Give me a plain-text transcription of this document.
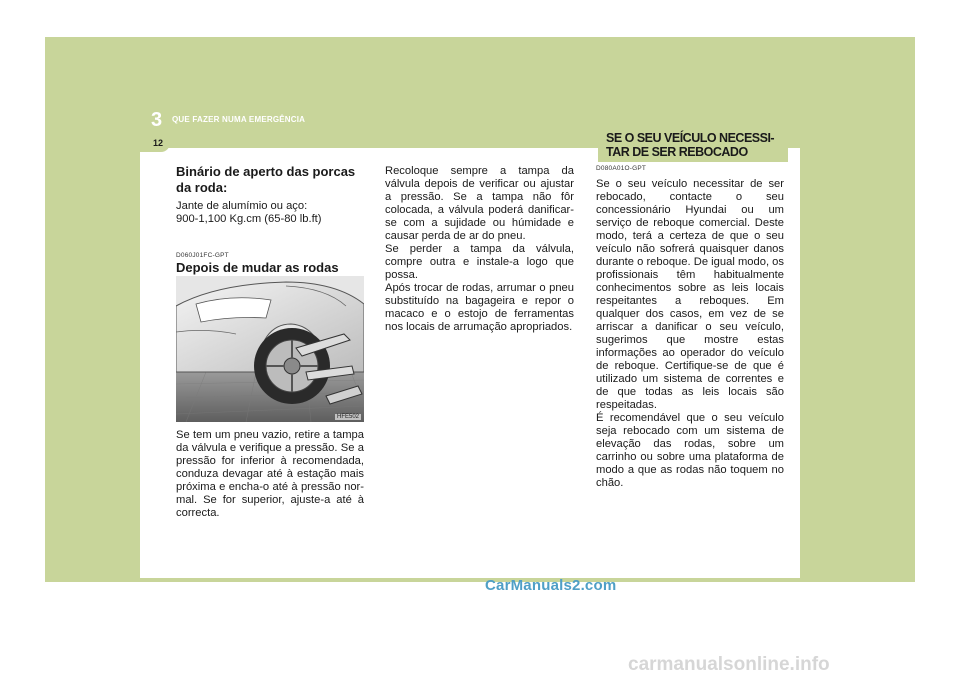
3 QUE FAZER NUMA EMERGÊNCIA
12

Binário de aperto das porcas da roda:

Jante de alumímio ou aço:

900-1,100 Kg.cm (65-80 lb.ft)

D060J01FC-GPT

Depois de mudar as rodas

HFE502

Se tem um pneu vazio, retire a tampa da válvula e verifique a pressão. Se a pressão for inferior à recomendada, conduza devagar até à estação mais próxima e encha-o até à pressão nor- mal. Se for superior, ajuste-a até à correcta.

Recoloque sempre a tampa da válvula depois de verificar ou ajustar a pressão. Se a tampa não fôr colocada, a válvula poderá danificar-se com a sujidade ou húmidade e causar perda de ar do pneu.

Se perder a tampa da válvula, compre outra e instale-a logo que possa.

Após trocar de rodas, arrumar o pneu substituído na bagageira e repor o macaco e o estojo de ferramentas nos locais de arrumação apropriados.

SE O SEU VEÍCULO NECESSI- TAR DE SER REBOCADO
D080A01O-GPT

Se o seu veículo necessitar de ser rebocado, contacte o seu concessionário Hyundai ou um serviço de reboque comercial. Deste modo, terá a certeza de que o seu veículo não sofrerá quaisquer danos durante o reboque. De igual modo, os profissionais têm habitualmente conhecimentos sobre as leis locais respeitantes a reboques. Em qualquer dos casos, em vez de se arriscar a danificar o seu veículo, sugerimos que mostre estas informações ao operador do veículo de reboque. Certifique-se de que é utilizado um sistema de correntes e de que todas as leis locais são respeitadas.

É recomendável que o seu veículo seja rebocado com um sistema de elevação das rodas, sobre um carrinho ou sobre uma plataforma de modo a que as rodas não toquem no chão.

CarManuals2.com
carmanualsonline.info
